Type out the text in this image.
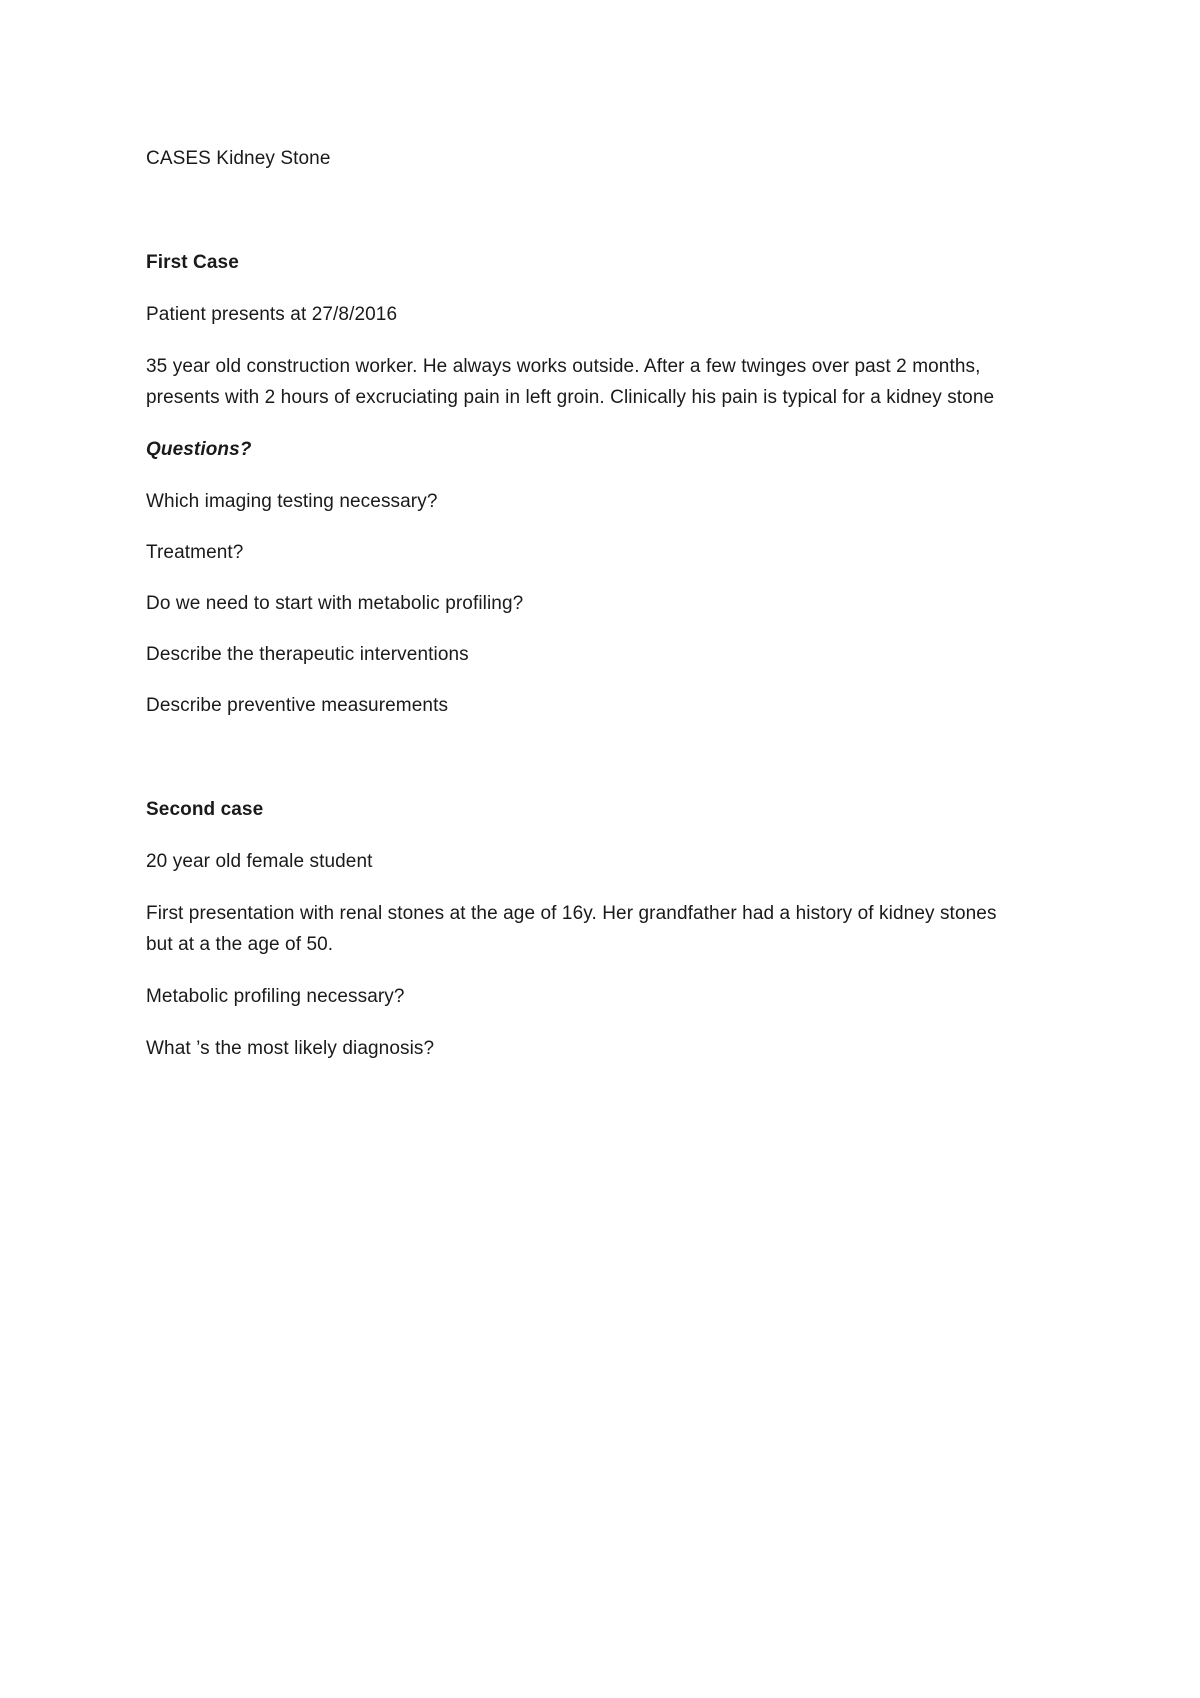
CASES Kidney Stone
First Case
Patient presents at 27/8/2016
35 year old construction worker. He always works outside. After a few twinges over past 2 months,
presents with 2 hours of excruciating pain in left groin. Clinically his pain is typical for a kidney stone
Questions?
Which imaging testing necessary?
Treatment?
Do we need to start with metabolic profiling?
Describe the therapeutic interventions
Describe preventive measurements
Second case
20 year old female student
First presentation with renal stones at the age of 16y. Her grandfather had a history of kidney stones
but at a the age of 50.
Metabolic profiling necessary?
What ’s the most likely diagnosis?
